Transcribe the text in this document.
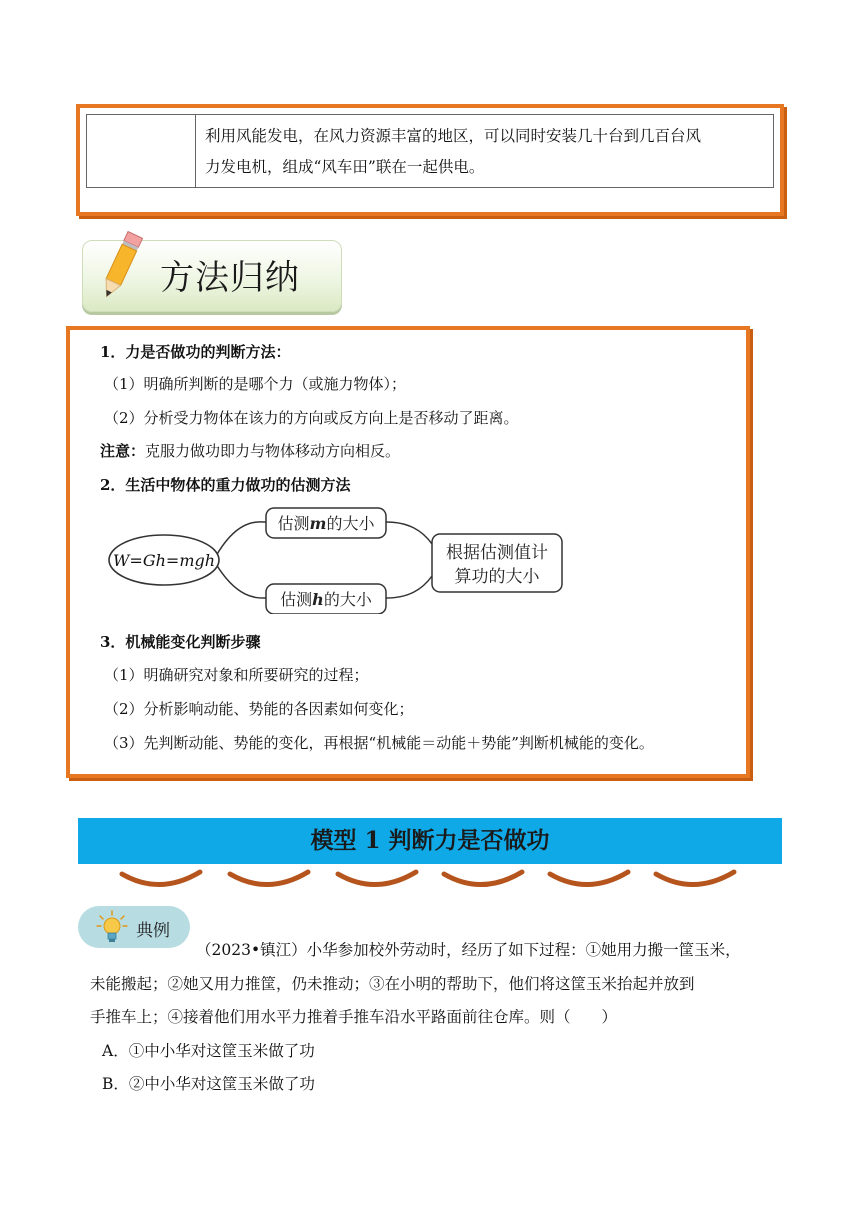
利用风能发电，在风力资源丰富的地区，可以同时安装几十台到几百台风
力发电机，组成“风车田”联在一起供电。
方法归纳
1．力是否做功的判断方法：
（1）明确所判断的是哪个力（或施力物体）；
（2）分析受力物体在该力的方向或反方向上是否移动了距离。
注意：克服力做功即力与物体移动方向相反。
2．生活中物体的重力做功的估测方法
3．机械能变化判断步骤
（1）明确研究对象和所要研究的过程；
（2）分析影响动能、势能的各因素如何变化；
（3）先判断动能、势能的变化，再根据“机械能＝动能＋势能”判断机械能的变化。
W=Gh=mgh
估测m的大小
估测h的大小
根据估测值计
算功的大小
模型 1 判断力是否做功
典例
（2023•镇江）小华参加校外劳动时，经历了如下过程：①她用力搬一筐玉米，
未能搬起；②她又用力推筐，仍未推动；③在小明的帮助下，他们将这筐玉米抬起并放到
手推车上；④接着他们用水平力推着手推车沿水平路面前往仓库。则（　　）
A．①中小华对这筐玉米做了功
B．②中小华对这筐玉米做了功
